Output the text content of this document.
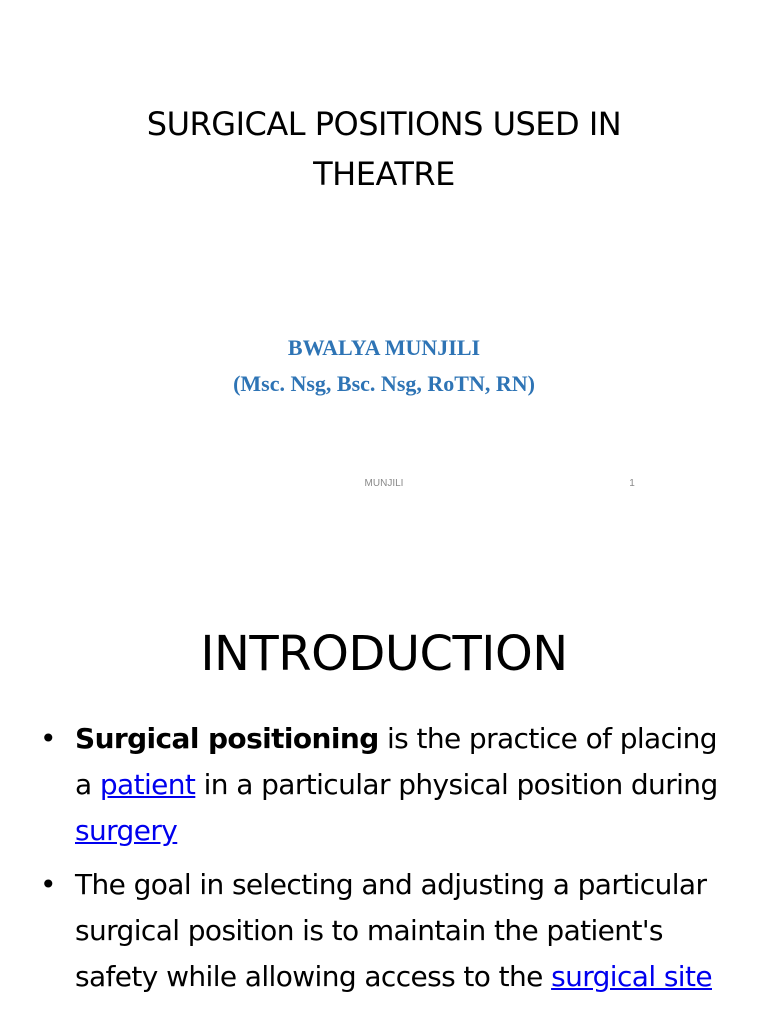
SURGICAL POSITIONS USED IN
THEATRE
BWALYA MUNJILI
(Msc. Nsg, Bsc. Nsg, RoTN, RN)
MUNJILI	1
INTRODUCTION
• Surgical positioning is the practice of placing a patient in a particular physical position during surgery
• The goal in selecting and adjusting a particular surgical position is to maintain the patient's safety while allowing access to the surgical site
